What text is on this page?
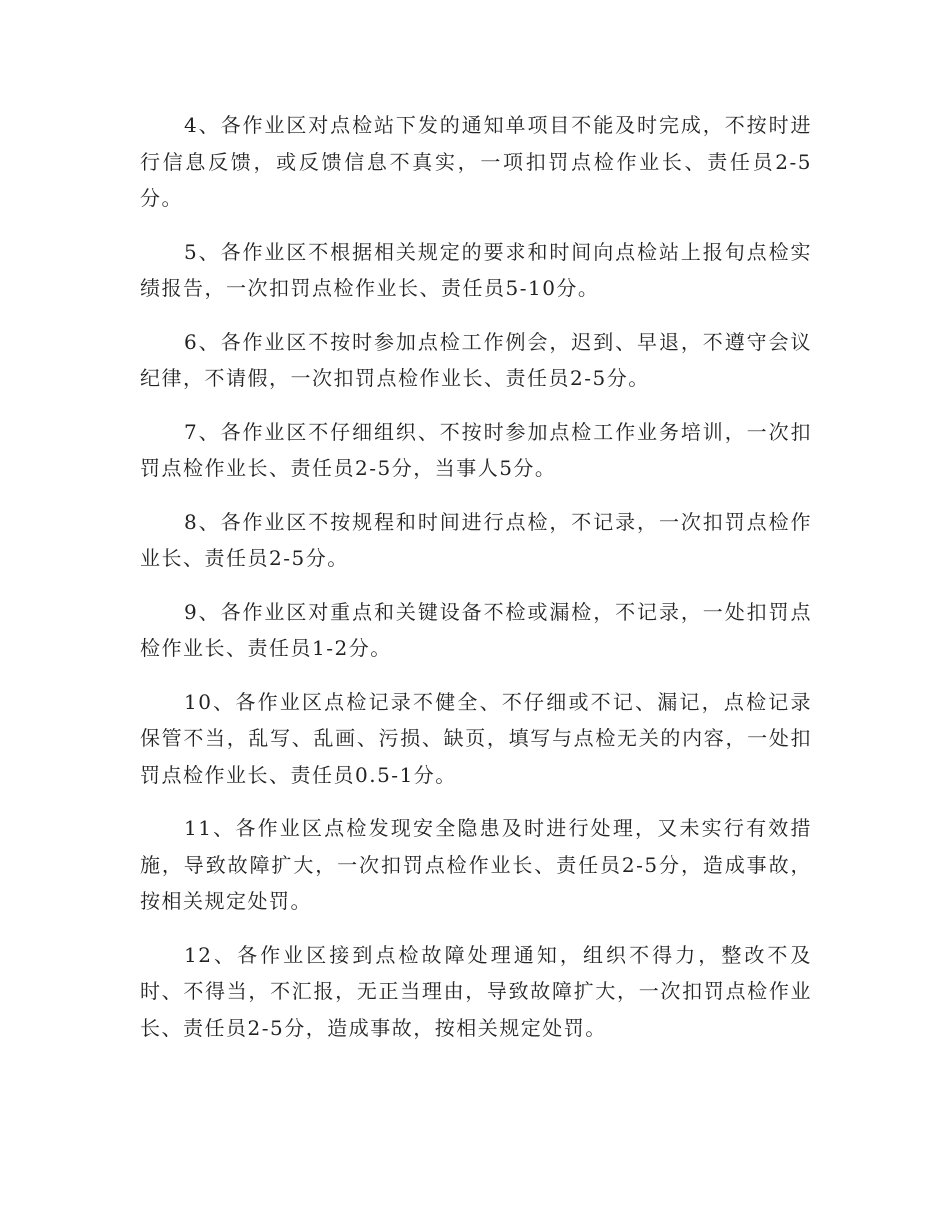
4、各作业区对点检站下发的通知单项目不能及时完成，不按时进行信息反馈，或反馈信息不真实，一项扣罚点检作业长、责任员2-5分。

5、各作业区不根据相关规定的要求和时间向点检站上报旬点检实绩报告，一次扣罚点检作业长、责任员5-10分。

6、各作业区不按时参加点检工作例会，迟到、早退，不遵守会议纪律，不请假，一次扣罚点检作业长、责任员2-5分。

7、各作业区不仔细组织、不按时参加点检工作业务培训，一次扣罚点检作业长、责任员2-5分，当事人5分。

8、各作业区不按规程和时间进行点检，不记录，一次扣罚点检作业长、责任员2-5分。

9、各作业区对重点和关键设备不检或漏检，不记录，一处扣罚点检作业长、责任员1-2分。

10、各作业区点检记录不健全、不仔细或不记、漏记，点检记录保管不当，乱写、乱画、污损、缺页，填写与点检无关的内容，一处扣罚点检作业长、责任员0.5-1分。

11、各作业区点检发现安全隐患及时进行处理，又未实行有效措施，导致故障扩大，一次扣罚点检作业长、责任员2-5分，造成事故，按相关规定处罚。

12、各作业区接到点检故障处理通知，组织不得力，整改不及时、不得当，不汇报，无正当理由，导致故障扩大，一次扣罚点检作业长、责任员2-5分，造成事故，按相关规定处罚。
